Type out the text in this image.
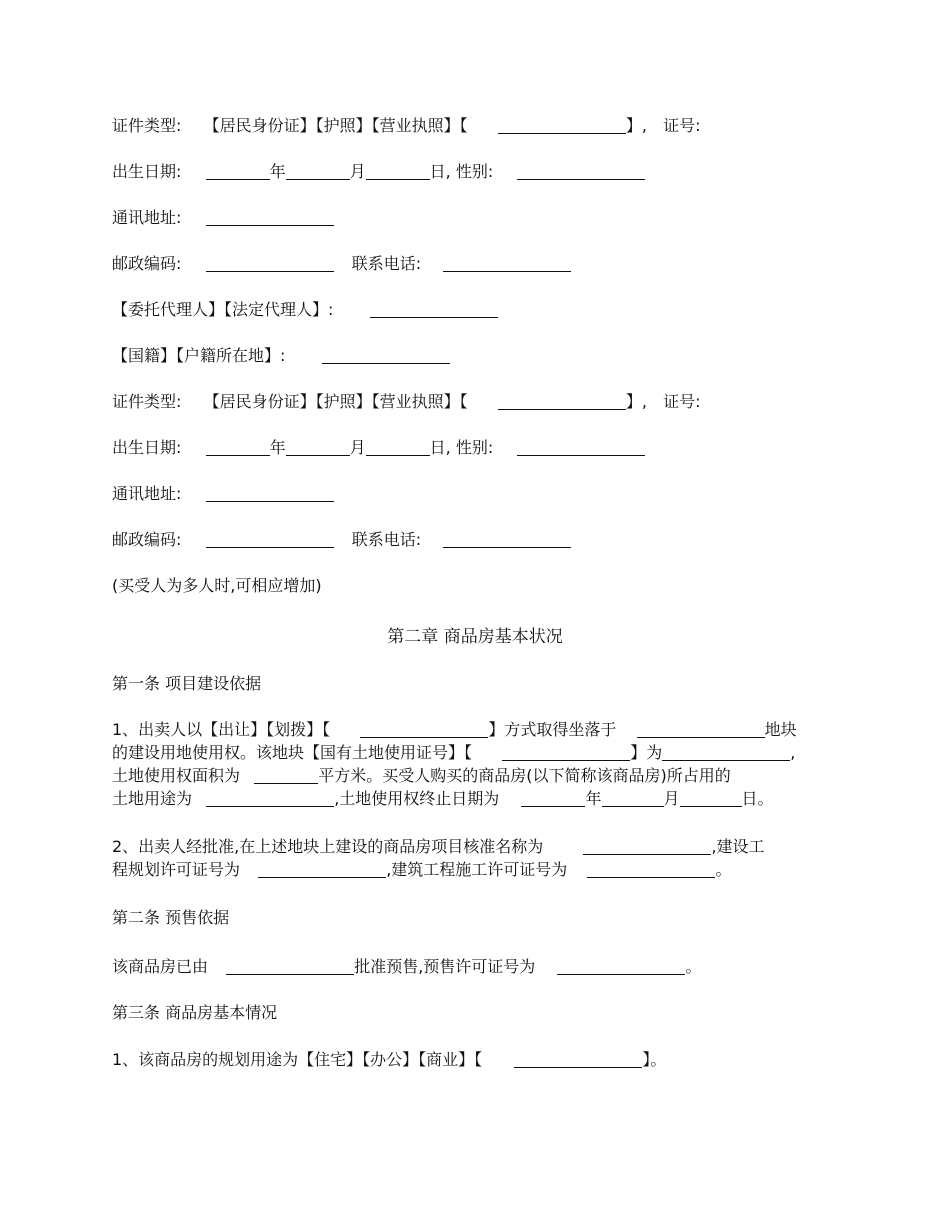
证件类型: 【居民身份证】【护照】【营业执照】【	】, 证号:
出生日期:	年	月	日, 性别:
通讯地址:
邮政编码:	联系电话:
【委托代理人】【法定代理人】:
【国籍】【户籍所在地】:
证件类型: 【居民身份证】【护照】【营业执照】【	】, 证号:
出生日期:	年	月	日, 性别:
通讯地址:
邮政编码:	联系电话:
(买受人为多人时,可相应增加)
第二章 商品房基本状况
第一条 项目建设依据
1、出卖人以【出让】【划拨】【	】方式取得坐落于	地块
的建设用地使用权。该地块【国有土地使用证号】【	】为	,
土地使用权面积为	平方米。买受人购买的商品房(以下简称该商品房)所占用的
土地用途为	,土地使用权终止日期为	年	月	日。
2、出卖人经批准,在上述地块上建设的商品房项目核准名称为	,建设工
程规划许可证号为	,建筑工程施工许可证号为	。
第二条 预售依据
该商品房已由	批准预售,预售许可证号为	。
第三条 商品房基本情况
1、该商品房的规划用途为【住宅】【办公】【商业】【	】。
